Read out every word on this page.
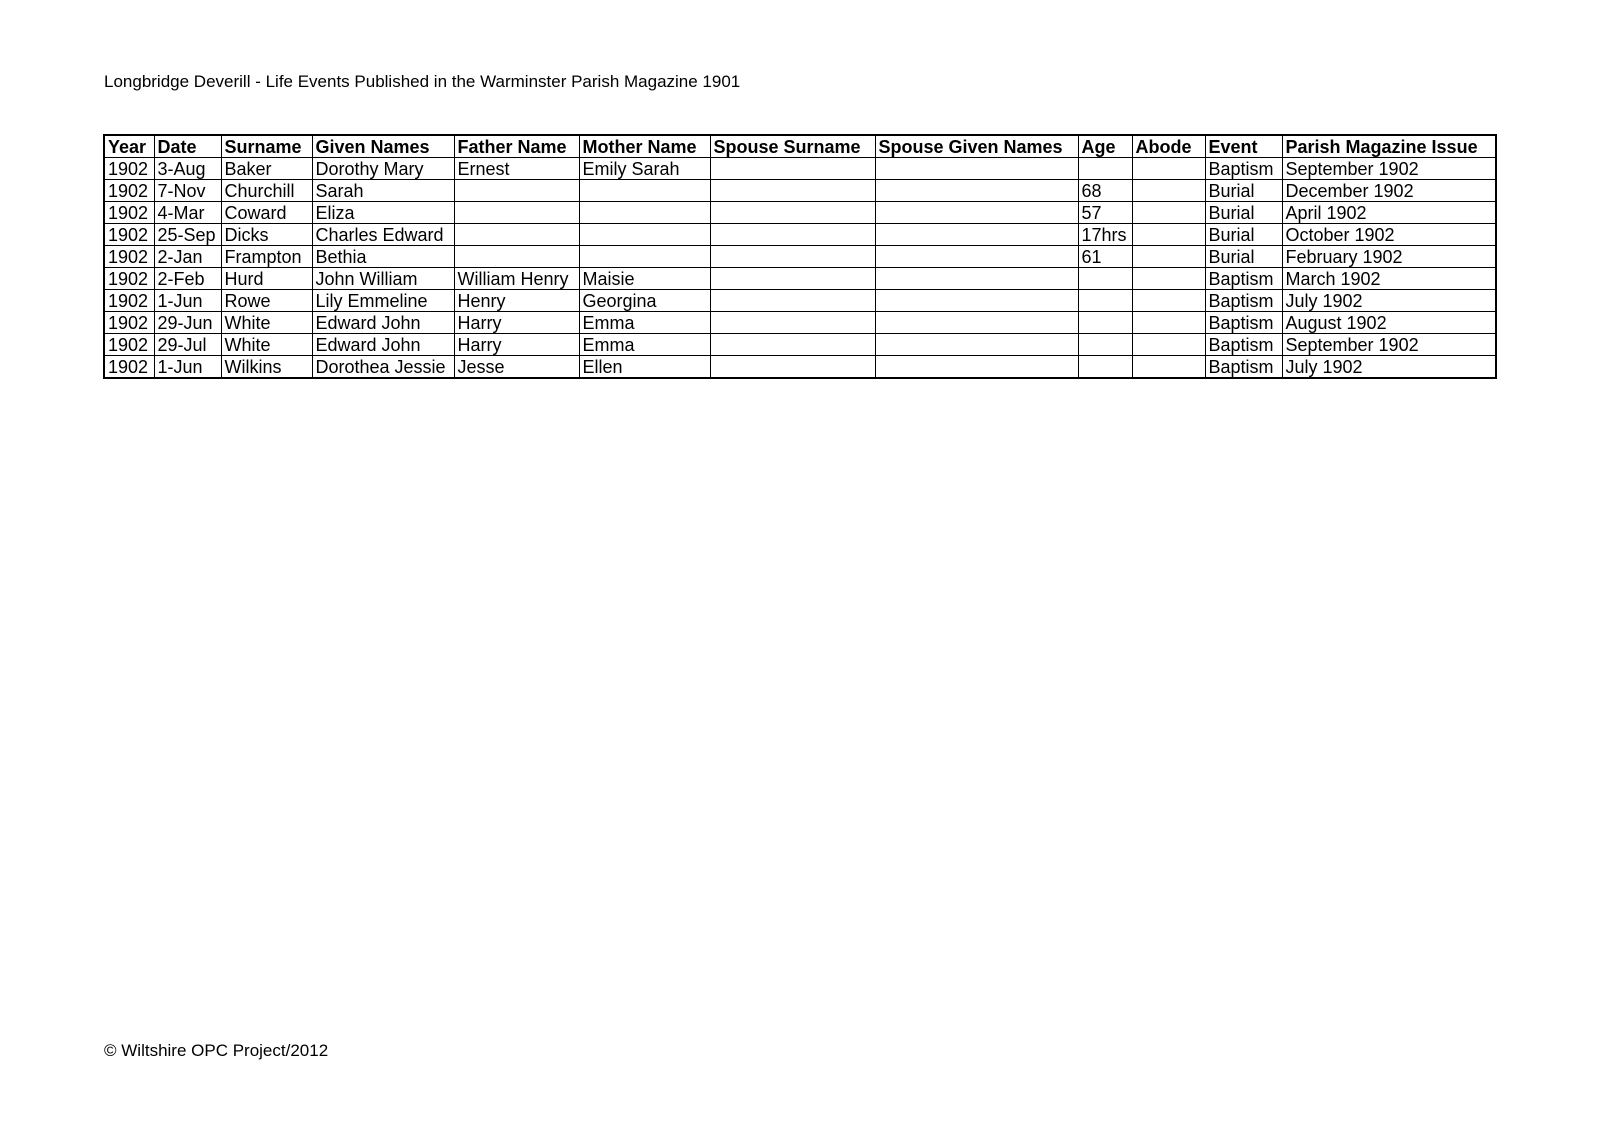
Longbridge Deverill - Life Events Published in the Warminster Parish Magazine 1901
Year	Date	Surname	Given Names	Father Name	Mother Name	Spouse Surname	Spouse Given Names	Age	Abode	Event	Parish Magazine Issue
1902	3-Aug	Baker	Dorothy Mary	Ernest	Emily Sarah					Baptism	September 1902
1902	7-Nov	Churchill	Sarah					68		Burial	December 1902
1902	4-Mar	Coward	Eliza					57		Burial	April 1902
1902	25-Sep	Dicks	Charles Edward					17hrs		Burial	October 1902
1902	2-Jan	Frampton	Bethia					61		Burial	February 1902
1902	2-Feb	Hurd	John William	William Henry	Maisie					Baptism	March 1902
1902	1-Jun	Rowe	Lily Emmeline	Henry	Georgina					Baptism	July 1902
1902	29-Jun	White	Edward John	Harry	Emma					Baptism	August 1902
1902	29-Jul	White	Edward John	Harry	Emma					Baptism	September 1902
1902	1-Jun	Wilkins	Dorothea Jessie	Jesse	Ellen					Baptism	July 1902
© Wiltshire OPC Project/2012
